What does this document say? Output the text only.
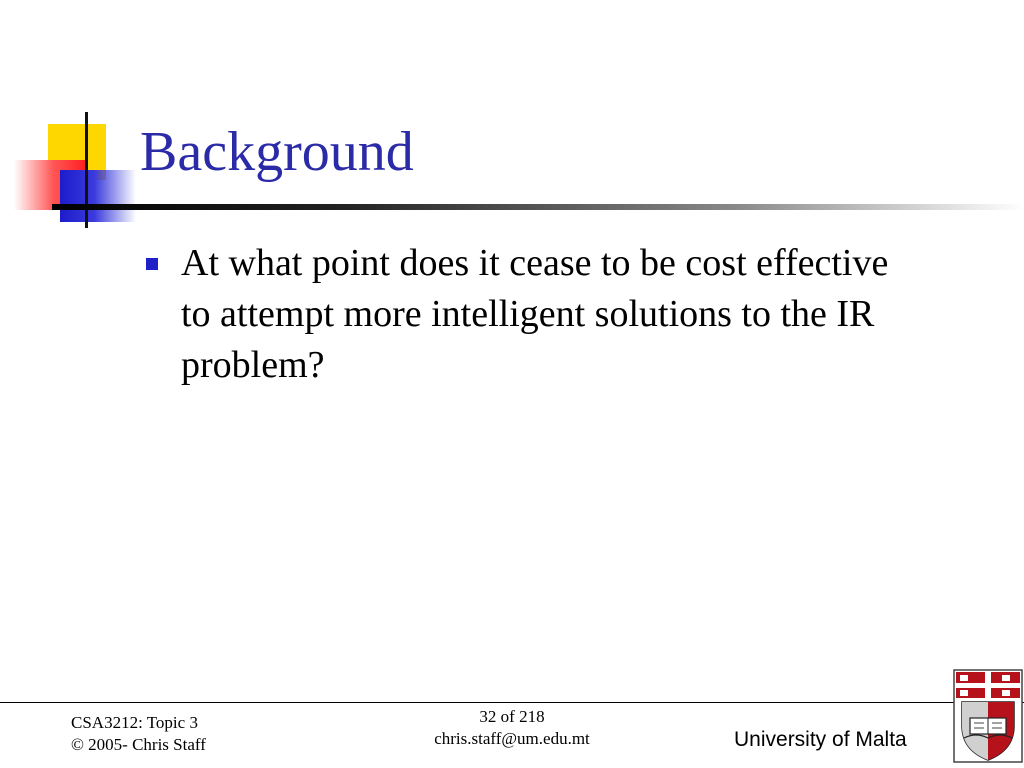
Background
At what point does it cease to be cost effective to attempt more intelligent solutions to the IR problem?
CSA3212: Topic 3
© 2005- Chris Staff
32 of 218
chris.staff@um.edu.mt	University of Malta
